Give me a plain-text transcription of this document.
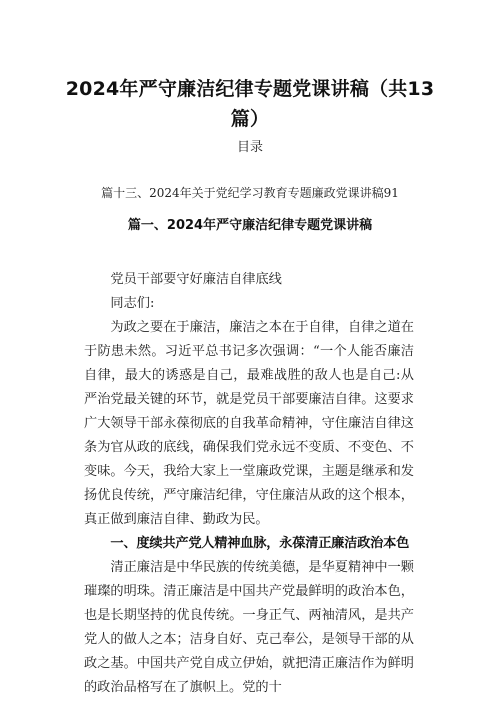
2024年严守廉洁纪律专题党课讲稿（共13篇）
目录
篇十三、2024年关于党纪学习教育专题廉政党课讲稿91
篇一、2024年严守廉洁纪律专题党课讲稿

党员干部要守好廉洁自律底线

同志们:

为政之要在于廉洁，廉洁之本在于自律，自律之道在于防患未然。习近平总书记多次强调：“一个人能否廉洁自律，最大的诱惑是自己，最难战胜的敌人也是自己:从严治党最关键的环节，就是党员干部要廉洁自律。这要求广大领导干部永葆彻底的自我革命精神，守住廉洁自律这条为官从政的底线，确保我们党永远不变质、不变色、不变味。今天，我给大家上一堂廉政党课，主题是继承和发扬优良传统，严守廉洁纪律，守住廉洁从政的这个根本，真正做到廉洁自律、勤政为民。

一、度续共产党人精神血脉，永葆清正廉洁政治本色

清正廉洁是中华民族的传统美德，是华夏精神中一颗璀璨的明珠。清正廉洁是中国共产党最鲜明的政治本色，也是长期坚持的优良传统。一身正气、两袖清风，是共产党人的做人之本；洁身自好、克己奉公，是领导干部的从政之基。中国共产党自成立伊始，就把清正廉洁作为鲜明的政治品格写在了旗帜上。党的十
